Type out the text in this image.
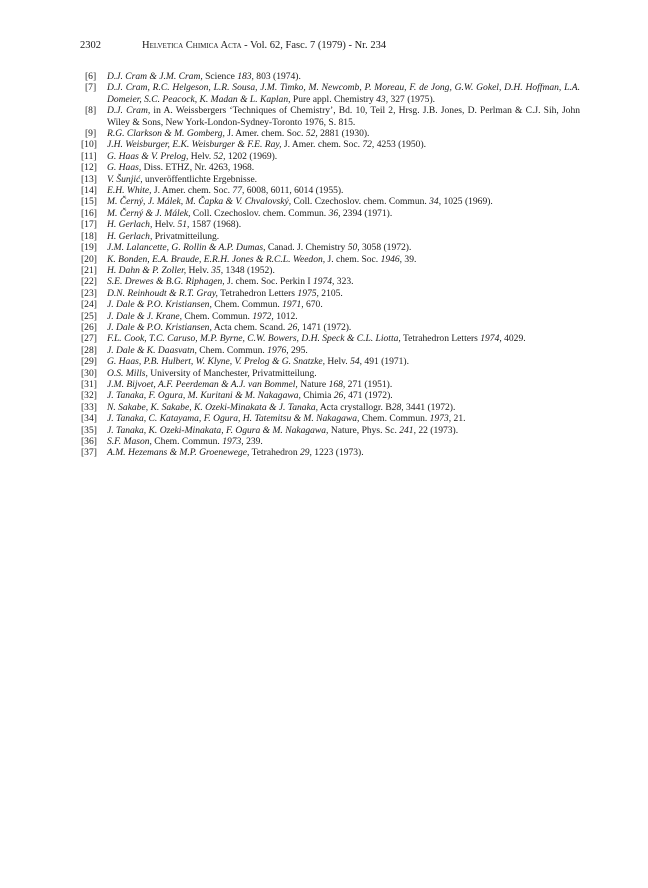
2302	Helvetica Chimica Acta - Vol. 62, Fasc. 7 (1979) - Nr. 234
[6] D.J. Cram & J.M. Cram, Science 183, 803 (1974).
[7] D.J. Cram, R.C. Helgeson, L.R. Sousa, J.M. Timko, M. Newcomb, P. Moreau, F. de Jong, G.W. Gokel, D.H. Hoffman, L.A. Domeier, S.C. Peacock, K. Madan & L. Kaplan, Pure appl. Chemistry 43, 327 (1975).
[8] D.J. Cram, in A. Weissbergers ‘Techniques of Chemistry’, Bd. 10, Teil 2, Hrsg. J.B. Jones, D. Perlman & C.J. Sih, John Wiley & Sons, New York-London-Sydney-Toronto 1976, S. 815.
[9] R.G. Clarkson & M. Gomberg, J. Amer. chem. Soc. 52, 2881 (1930).
[10] J.H. Weisburger, E.K. Weisburger & F.E. Ray, J. Amer. chem. Soc. 72, 4253 (1950).
[11] G. Haas & V. Prelog, Helv. 52, 1202 (1969).
[12] G. Haas, Diss. ETHZ, Nr. 4263, 1968.
[13] V. Šunjić, unveröffentlichte Ergebnisse.
[14] E.H. White, J. Amer. chem. Soc. 77, 6008, 6011, 6014 (1955).
[15] M. Černý, J. Málek, M. Čapka & V. Chvalovský, Coll. Czechoslov. chem. Commun. 34, 1025 (1969).
[16] M. Černý & J. Málek, Coll. Czechoslov. chem. Commun. 36, 2394 (1971).
[17] H. Gerlach, Helv. 51, 1587 (1968).
[18] H. Gerlach, Privatmitteilung.
[19] J.M. Lalancette, G. Rollin & A.P. Dumas, Canad. J. Chemistry 50, 3058 (1972).
[20] K. Bonden, E.A. Braude, E.R.H. Jones & R.C.L. Weedon, J. chem. Soc. 1946, 39.
[21] H. Dahn & P. Zoller, Helv. 35, 1348 (1952).
[22] S.E. Drewes & B.G. Riphagen, J. chem. Soc. Perkin I 1974, 323.
[23] D.N. Reinhoudt & R.T. Gray, Tetrahedron Letters 1975, 2105.
[24] J. Dale & P.O. Kristiansen, Chem. Commun. 1971, 670.
[25] J. Dale & J. Krane, Chem. Commun. 1972, 1012.
[26] J. Dale & P.O. Kristiansen, Acta chem. Scand. 26, 1471 (1972).
[27] F.L. Cook, T.C. Caruso, M.P. Byrne, C.W. Bowers, D.H. Speck & C.L. Liotta, Tetrahedron Letters 1974, 4029.
[28] J. Dale & K. Daasvatn, Chem. Commun. 1976, 295.
[29] G. Haas, P.B. Hulbert, W. Klyne, V. Prelog & G. Snatzke, Helv. 54, 491 (1971).
[30] O.S. Mills, University of Manchester, Privatmitteilung.
[31] J.M. Bijvoet, A.F. Peerdeman & A.J. van Bommel, Nature 168, 271 (1951).
[32] J. Tanaka, F. Ogura, M. Kuritani & M. Nakagawa, Chimia 26, 471 (1972).
[33] N. Sakabe, K. Sakabe, K. Ozeki-Minakata & J. Tanaka, Acta crystallogr. B28, 3441 (1972).
[34] J. Tanaka, C. Katayama, F. Ogura, H. Tatemitsu & M. Nakagawa, Chem. Commun. 1973, 21.
[35] J. Tanaka, K. Ozeki-Minakata, F. Ogura & M. Nakagawa, Nature, Phys. Sc. 241, 22 (1973).
[36] S.F. Mason, Chem. Commun. 1973, 239.
[37] A.M. Hezemans & M.P. Groenewege, Tetrahedron 29, 1223 (1973).
